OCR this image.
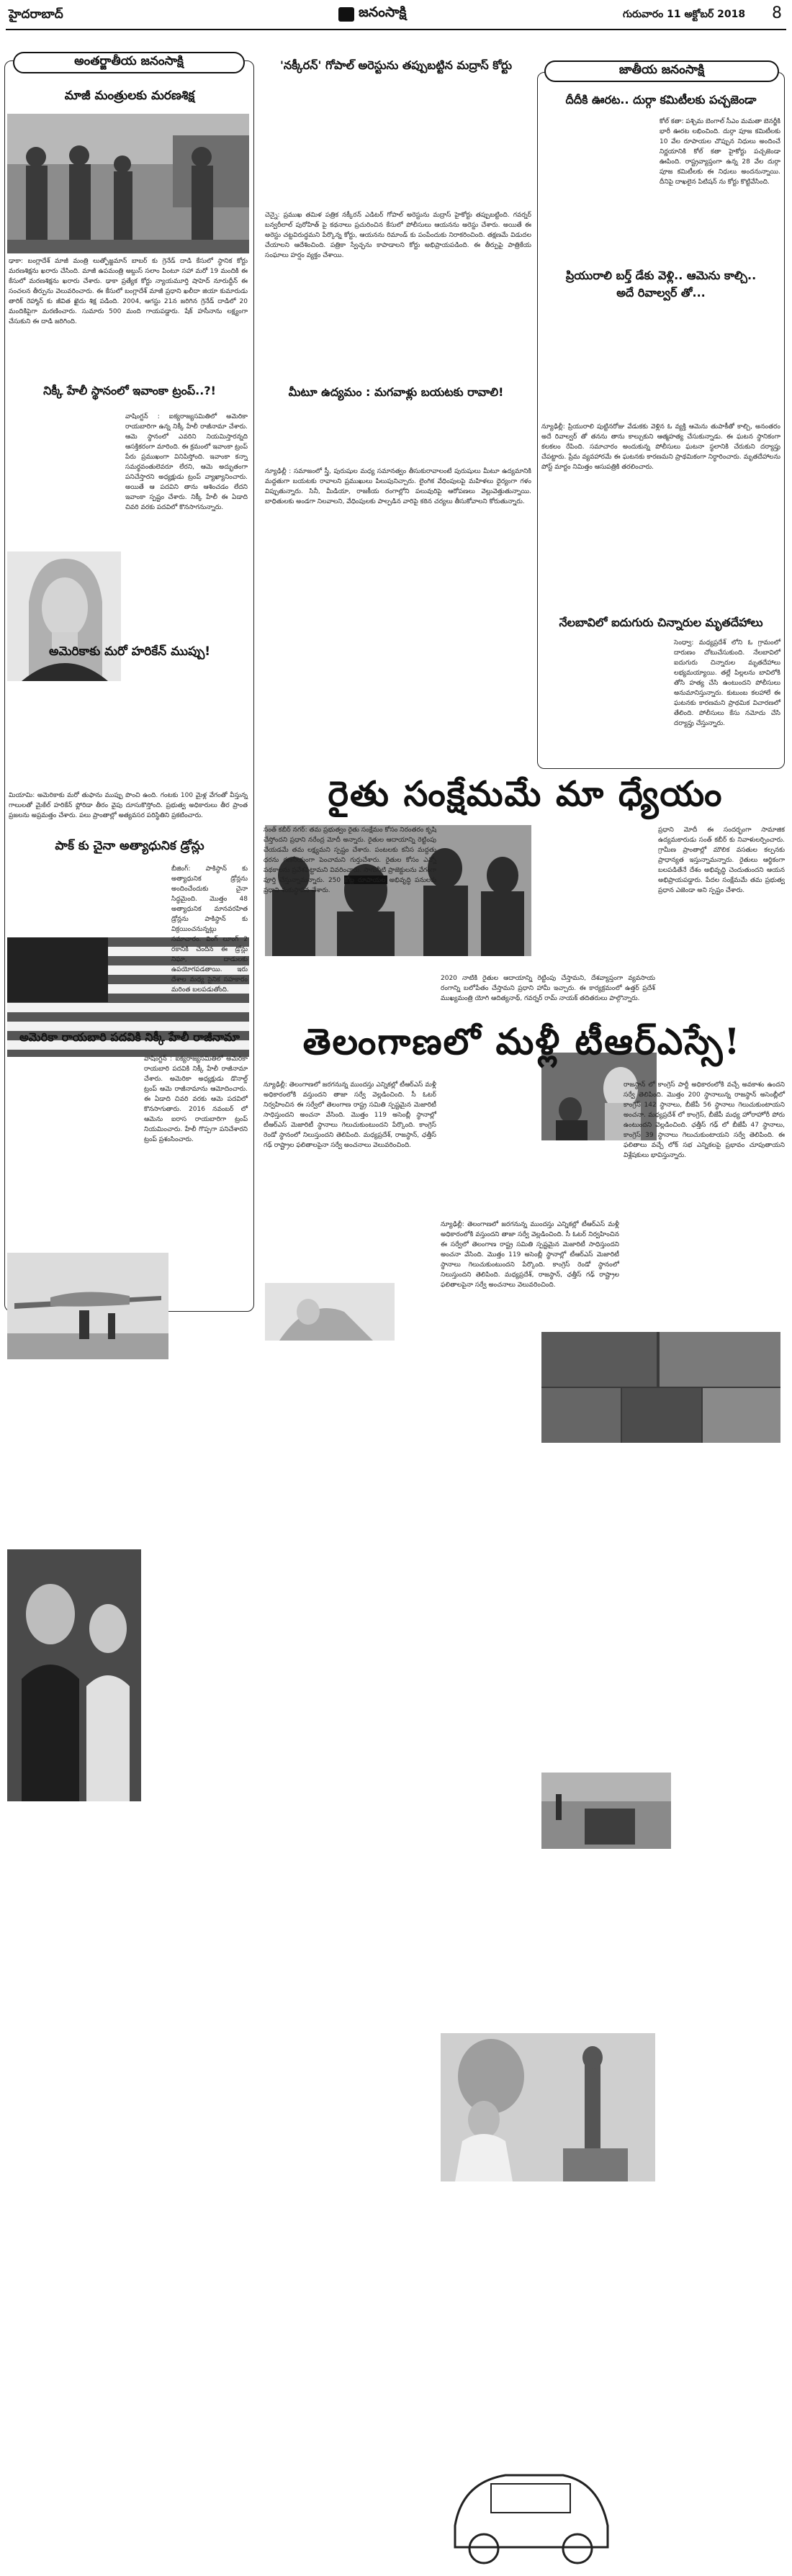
హైదరాబాద్	జనంసాక్షి	గురువారం 11 అక్టోబర్ 2018 8
అంతర్జాతీయ జనంసాక్షి
మాజీ మంత్రులకు మరణశిక్ష
ఢాకా: బంగ్లాదేశ్ మాజీ మంత్రి లుత్ఫోజ్జమాన్ బాబర్ కు గ్రెనేడ్ దాడి కేసులో స్థానిక కోర్టు మరణశిక్షను ఖరారు చేసింది. మాజీ ఉపమంత్రి అబ్దుస్ సలాం పింటూ సహా మరో 19 మందికి ఈ కేసులో మరణశిక్షను ఖరారు చేశారు. ఢాకా ప్రత్యేక కోర్టు న్యాయమూర్తి షాహెద్ నూరుద్దీన్ ఈ సంచలన తీర్పును వెలువరించారు. ఈ కేసులో బంగ్లాదేశ్ మాజీ ప్రధాని ఖలీదా జియా కుమారుడు తారిక్ రెహ్మాన్ కు జీవిత ఖైదు శిక్ష పడింది. 2004, ఆగస్టు 21న జరిగిన గ్రెనేడ్ దాడిలో 20 మందికిపైగా మరణించారు. సుమారు 500 మంది గాయపడ్డారు. షేక్ హసీనాను లక్ష్యంగా చేసుకుని ఈ దాడి జరిగింది.
నిక్కీ హేలీ స్థానంలో ఇవాంకా ట్రంప్..?!
వాషింగ్టన్ : ఐక్యరాజ్యసమితిలో అమెరికా రాయబారిగా ఉన్న నిక్కీ హేలీ రాజీనామా చేశారు. ఆమె స్థానంలో ఎవరిని నియమిస్తారన్నది ఆసక్తికరంగా మారింది. ఈ క్రమంలో ఇవాంకా ట్రంప్ పేరు ప్రముఖంగా వినిపిస్తోంది. ఇవాంకా కన్నా సమర్థవంతులెవరూ లేరని, ఆమె అద్భుతంగా పనిచేస్తారని అధ్యక్షుడు ట్రంప్ వ్యాఖ్యానించారు. అయితే ఆ పదవిని తాను ఆశించడం లేదని ఇవాంకా స్పష్టం చేశారు. నిక్కీ హేలీ ఈ ఏడాది చివరి వరకు పదవిలో కొనసాగనున్నారు.
అమెరికాకు మరో హరికేన్ ముప్పు!
మియామి: అమెరికాకు మరో తుఫాను ముప్పు పొంచి ఉంది. గంటకు 100 మైళ్ల వేగంతో వీస్తున్న గాలులతో మైకేల్ హరికేన్ ఫ్లోరిడా తీరం వైపు దూసుకొస్తోంది. ప్రభుత్వ అధికారులు తీర ప్రాంత ప్రజలను అప్రమత్తం చేశారు. పలు ప్రాంతాల్లో అత్యవసర పరిస్థితిని ప్రకటించారు.
పాక్ కు చైనా అత్యాధునిక డ్రోన్లు
బీజింగ్: పాకిస్థాన్ కు అత్యాధునిక డ్రోన్లను అందించేందుకు చైనా సిద్ధమైంది. మొత్తం 48 అత్యాధునిక మానవరహిత డ్రోన్లను పాకిస్థాన్ కు విక్రయించనున్నట్లు సమాచారం. వింగ్ లూంగ్ 2 రకానికి చెందిన ఈ డ్రోన్లు నిఘా, దాడులకు ఉపయోగపడతాయి. ఇరు దేశాల మధ్య సైనిక సహకారం మరింత బలపడుతోంది.
అమెరికా రాయబారి పదవికి నిక్కీ హేలీ రాజీనామా
వాషింగ్టన్ : ఐక్యరాజ్యసమితిలో అమెరికా రాయబారి పదవికి నిక్కీ హేలీ రాజీనామా చేశారు. అమెరికా అధ్యక్షుడు డొనాల్డ్ ట్రంప్ ఆమె రాజీనామాను ఆమోదించారు. ఈ ఏడాది చివరి వరకు ఆమె పదవిలో కొనసాగుతారు. 2016 నవంబర్ లో ఆమెను ఐరాస రాయబారిగా ట్రంప్ నియమించారు. హేలీ గొప్పగా పనిచేశారని ట్రంప్ ప్రశంసించారు.
'నక్కీరన్' గోపాల్ అరెస్టును తప్పుబట్టిన మద్రాస్ కోర్టు
చెన్నై: ప్రముఖ తమిళ పత్రిక నక్కీరన్ ఎడిటర్ గోపాల్ అరెస్టును మద్రాస్ హైకోర్టు తప్పుబట్టింది. గవర్నర్ బన్వరీలాల్ పురోహిత్ పై కథనాలు ప్రచురించిన కేసులో పోలీసులు ఆయనను అరెస్టు చేశారు. అయితే ఈ అరెస్టు చట్టవిరుద్ధమని పేర్కొన్న కోర్టు, ఆయనను రిమాండ్ కు పంపేందుకు నిరాకరించింది. తక్షణమే విడుదల చేయాలని ఆదేశించింది. పత్రికా స్వేచ్ఛను కాపాడాలని కోర్టు అభిప్రాయపడింది. ఈ తీర్పుపై పాత్రికేయ సంఘాలు హర్షం వ్యక్తం చేశాయి.
మీటూ ఉద్యమం : మగవాళ్లు బయటకు రావాలి!
న్యూఢిల్లీ : సమాజంలో స్త్రీ, పురుషుల మధ్య సమానత్వం తీసుకురావాలంటే పురుషులు మీటూ ఉద్యమానికి మద్దతుగా బయటకు రావాలని ప్రముఖులు పిలుపునిచ్చారు. లైంగిక వేధింపులపై మహిళలు ధైర్యంగా గళం విప్పుతున్నారు. సినీ, మీడియా, రాజకీయ రంగాల్లోని పలువురిపై ఆరోపణలు వెల్లువెత్తుతున్నాయి. బాధితులకు అండగా నిలవాలని, వేధింపులకు పాల్పడిన వారిపై కఠిన చర్యలు తీసుకోవాలని కోరుతున్నారు.
జాతీయ జనంసాక్షి
దీదీకి ఊరట.. దుర్గా కమిటీలకు పచ్చజెండా
కోల్ కతా: పశ్చిమ బెంగాల్ సీఎం మమతా బెనర్జీకి భారీ ఊరట లభించింది. దుర్గా పూజ కమిటీలకు 10 వేల రూపాయల చొప్పున నిధులు అందించే నిర్ణయానికి కోల్ కతా హైకోర్టు పచ్చజెండా ఊపింది. రాష్ట్రవ్యాప్తంగా ఉన్న 28 వేల దుర్గా పూజ కమిటీలకు ఈ నిధులు అందనున్నాయి. దీనిపై దాఖలైన పిటిషన్ ను కోర్టు కొట్టివేసింది.
ప్రియురాలి బర్త్ డేకు వెళ్లి.. ఆమెను కాల్చి..
అదే రివాల్వర్ తో...
న్యూఢిల్లీ: ప్రియురాలి పుట్టినరోజు వేడుకకు వెళ్లిన ఓ వ్యక్తి ఆమెను తుపాకీతో కాల్చి, అనంతరం అదే రివాల్వర్ తో తనను తాను కాల్చుకుని ఆత్మహత్య చేసుకున్నాడు. ఈ ఘటన స్థానికంగా కలకలం రేపింది. సమాచారం అందుకున్న పోలీసులు ఘటనా స్థలానికి చేరుకుని దర్యాప్తు చేపట్టారు. ప్రేమ వ్యవహారమే ఈ ఘటనకు కారణమని ప్రాథమికంగా నిర్ధారించారు. మృతదేహాలను పోస్ట్ మార్టం నిమిత్తం ఆసుపత్రికి తరలించారు.
నేలబావిలో ఐదుగురు చిన్నారుల మృతదేహాలు
సెంధ్వా: మధ్యప్రదేశ్ లోని ఓ గ్రామంలో దారుణం చోటుచేసుకుంది. నేలబావిలో ఐదుగురు చిన్నారుల మృతదేహాలు లభ్యమయ్యాయి. తల్లే పిల్లలను బావిలోకి తోసి హత్య చేసి ఉంటుందని పోలీసులు అనుమానిస్తున్నారు. కుటుంబ కలహాలే ఈ ఘటనకు కారణమని ప్రాథమిక విచారణలో తేలింది. పోలీసులు కేసు నమోదు చేసి దర్యాప్తు చేస్తున్నారు.
రైతు సంక్షేమమే మా ధ్యేయం
సంత్ కబీర్ నగర్: తమ ప్రభుత్వం రైతు సంక్షేమం కోసం నిరంతరం కృషి చేస్తోందని ప్రధాని నరేంద్ర మోదీ అన్నారు. రైతుల ఆదాయాన్ని రెట్టింపు చేయడమే తమ లక్ష్యమని స్పష్టం చేశారు. పంటలకు కనీస మద్దతు ధరను గణనీయంగా పెంచామని గుర్తుచేశారు. రైతుల కోసం ఎన్నో పథకాలను ప్రవేశపెట్టామని వివరించారు. సాగునీటి ప్రాజెక్టులను వేగంగా పూర్తి చేస్తున్నామన్నారు. 250 కోట్ల రూపాయల అభివృద్ధి పనులకు ప్రధాని శంకుస్థాపన చేశారు.
ప్రధాని మోదీ ఈ సందర్భంగా సామాజిక ఉద్యమకారుడు సంత్ కబీర్ కు నివాళులర్పించారు. గ్రామీణ ప్రాంతాల్లో మౌలిక వసతుల కల్పనకు ప్రాధాన్యత ఇస్తున్నామన్నారు. రైతులు ఆర్థికంగా బలపడితేనే దేశం అభివృద్ధి చెందుతుందని ఆయన అభిప్రాయపడ్డారు. పేదల సంక్షేమమే తమ ప్రభుత్వ ప్రధాన ఎజెండా అని స్పష్టం చేశారు.
2020 నాటికి రైతుల ఆదాయాన్ని రెట్టింపు చేస్తామని, దేశవ్యాప్తంగా వ్యవసాయ రంగాన్ని బలోపేతం చేస్తామని ప్రధాని హామీ ఇచ్చారు. ఈ కార్యక్రమంలో ఉత్తర్ ప్రదేశ్ ముఖ్యమంత్రి యోగి ఆదిత్యనాథ్, గవర్నర్ రామ్ నాయక్ తదితరులు పాల్గొన్నారు.
తెలంగాణలో మళ్లీ టీఆర్ఎస్సే!
న్యూఢిల్లీ: తెలంగాణలో జరగనున్న ముందస్తు ఎన్నికల్లో టీఆర్ఎస్ మళ్లీ అధికారంలోకి వస్తుందని తాజా సర్వే వెల్లడించింది. సీ ఓటర్ నిర్వహించిన ఈ సర్వేలో తెలంగాణ రాష్ట్ర సమితి స్పష్టమైన మెజారిటీ సాధిస్తుందని అంచనా వేసింది. మొత్తం 119 అసెంబ్లీ స్థానాల్లో టీఆర్ఎస్ మెజారిటీ స్థానాలు గెలుచుకుంటుందని పేర్కొంది. కాంగ్రెస్ రెండో స్థానంలో నిలుస్తుందని తెలిపింది. మధ్యప్రదేశ్, రాజస్థాన్, ఛత్తీస్ గఢ్ రాష్ట్రాల ఫలితాలపైనా సర్వే అంచనాలు వెలువరించింది.
రాజస్థాన్ లో కాంగ్రెస్ పార్టీ అధికారంలోకి వచ్చే అవకాశం ఉందని సర్వే తెలిపింది. మొత్తం 200 స్థానాలున్న రాజస్థాన్ అసెంబ్లీలో కాంగ్రెస్ 142 స్థానాలు, బీజేపీ 56 స్థానాలు గెలుచుకుంటాయని అంచనా. మధ్యప్రదేశ్ లో కాంగ్రెస్, బీజేపీ మధ్య హోరాహోరీ పోరు ఉంటుందని వెల్లడించింది. ఛత్తీస్ గఢ్ లో బీజేపీ 47 స్థానాలు, కాంగ్రెస్ 39 స్థానాలు గెలుచుకుంటాయని సర్వే తెలిపింది. ఈ ఫలితాలు వచ్చే లోక్ సభ ఎన్నికలపై ప్రభావం చూపుతాయని విశ్లేషకులు భావిస్తున్నారు.
న్యూఢిల్లీ: తెలంగాణలో జరగనున్న ముందస్తు ఎన్నికల్లో టీఆర్ఎస్ మళ్లీ అధికారంలోకి వస్తుందని తాజా సర్వే వెల్లడించింది. సీ ఓటర్ నిర్వహించిన ఈ సర్వేలో తెలంగాణ రాష్ట్ర సమితి స్పష్టమైన మెజారిటీ సాధిస్తుందని అంచనా వేసింది. మొత్తం 119 అసెంబ్లీ స్థానాల్లో టీఆర్ఎస్ మెజారిటీ స్థానాలు గెలుచుకుంటుందని పేర్కొంది. కాంగ్రెస్ రెండో స్థానంలో నిలుస్తుందని తెలిపింది. మధ్యప్రదేశ్, రాజస్థాన్, ఛత్తీస్ గఢ్ రాష్ట్రాల ఫలితాలపైనా సర్వే అంచనాలు వెలువరించింది.
